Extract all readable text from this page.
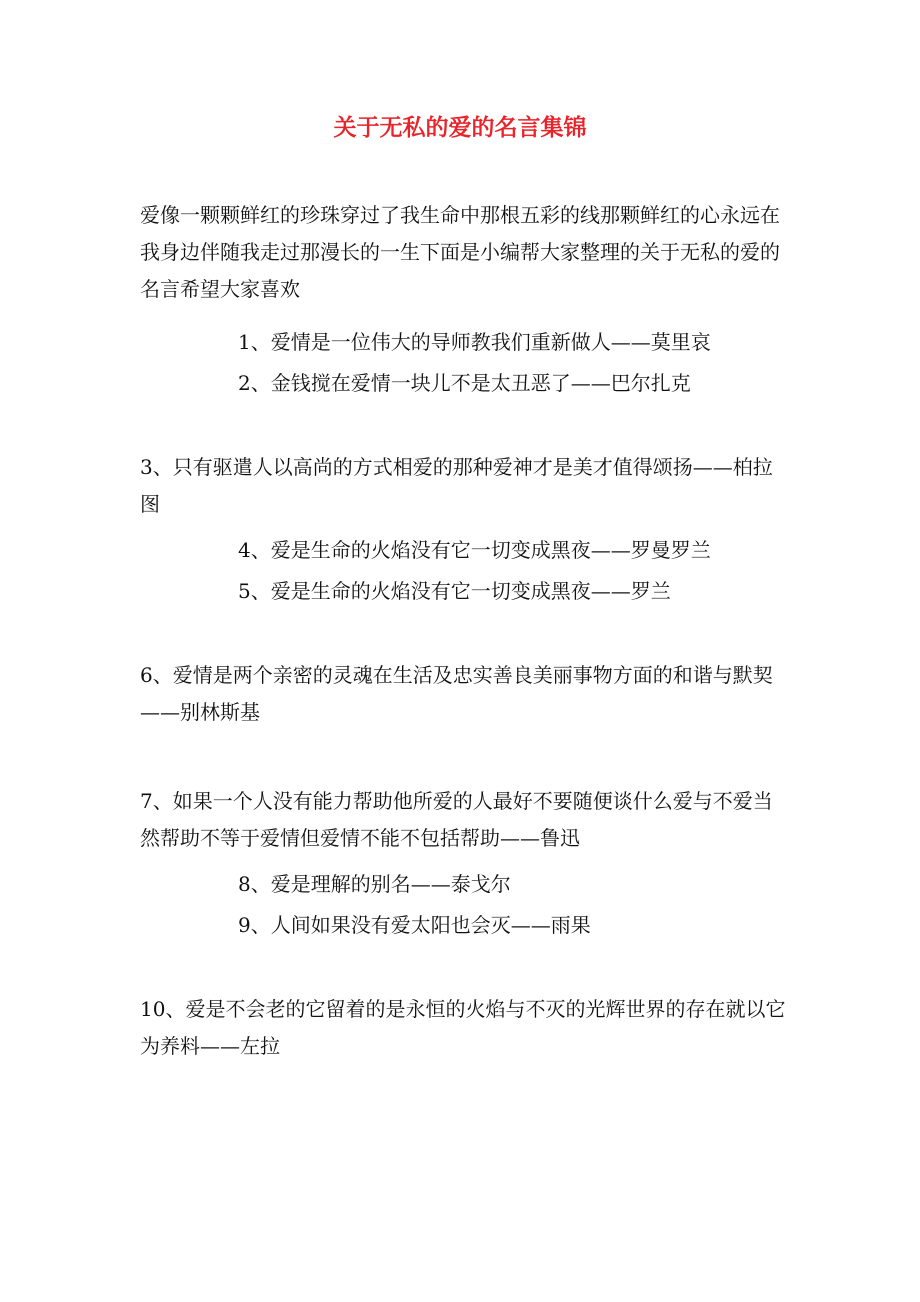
关于无私的爱的名言集锦

爱像一颗颗鲜红的珍珠穿过了我生命中那根五彩的线那颗鲜红的心永远在我身边伴随我走过那漫长的一生下面是小编帮大家整理的关于无私的爱的名言希望大家喜欢

1、爱情是一位伟大的导师教我们重新做人——莫里哀

2、金钱搅在爱情一块儿不是太丑恶了——巴尔扎克

3、只有驱遣人以高尚的方式相爱的那种爱神才是美才值得颂扬——柏拉图

4、爱是生命的火焰没有它一切变成黑夜——罗曼罗兰

5、爱是生命的火焰没有它一切变成黑夜——罗兰

6、爱情是两个亲密的灵魂在生活及忠实善良美丽事物方面的和谐与默契——别林斯基

7、如果一个人没有能力帮助他所爱的人最好不要随便谈什么爱与不爱当然帮助不等于爱情但爱情不能不包括帮助——鲁迅

8、爱是理解的别名——泰戈尔

9、人间如果没有爱太阳也会灭——雨果

10、爱是不会老的它留着的是永恒的火焰与不灭的光辉世界的存在就以它为养料——左拉
